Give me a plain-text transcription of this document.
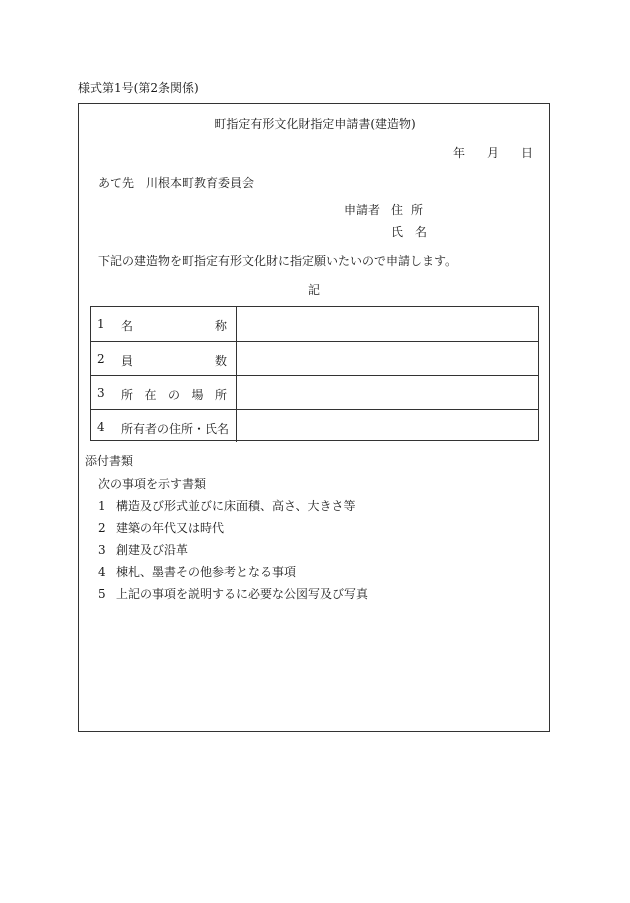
様式第1号(第2条関係)
町指定有形文化財指定申請書(建造物)
年 月 日
あて先　川根本町教育委員会
申請者 住所
氏名
下記の建造物を町指定有形文化財に指定願いたいので申請します。
記
1 名	称
2 員	数
3 所 在 の 場 所
4 所有者の住所・氏名
添付書類
次の事項を示す書類
1 構造及び形式並びに床面積、高さ、大きさ等
2 建築の年代又は時代
3 創建及び沿革
4 棟札、墨書その他参考となる事項
5 上記の事項を説明するに必要な公図写及び写真
